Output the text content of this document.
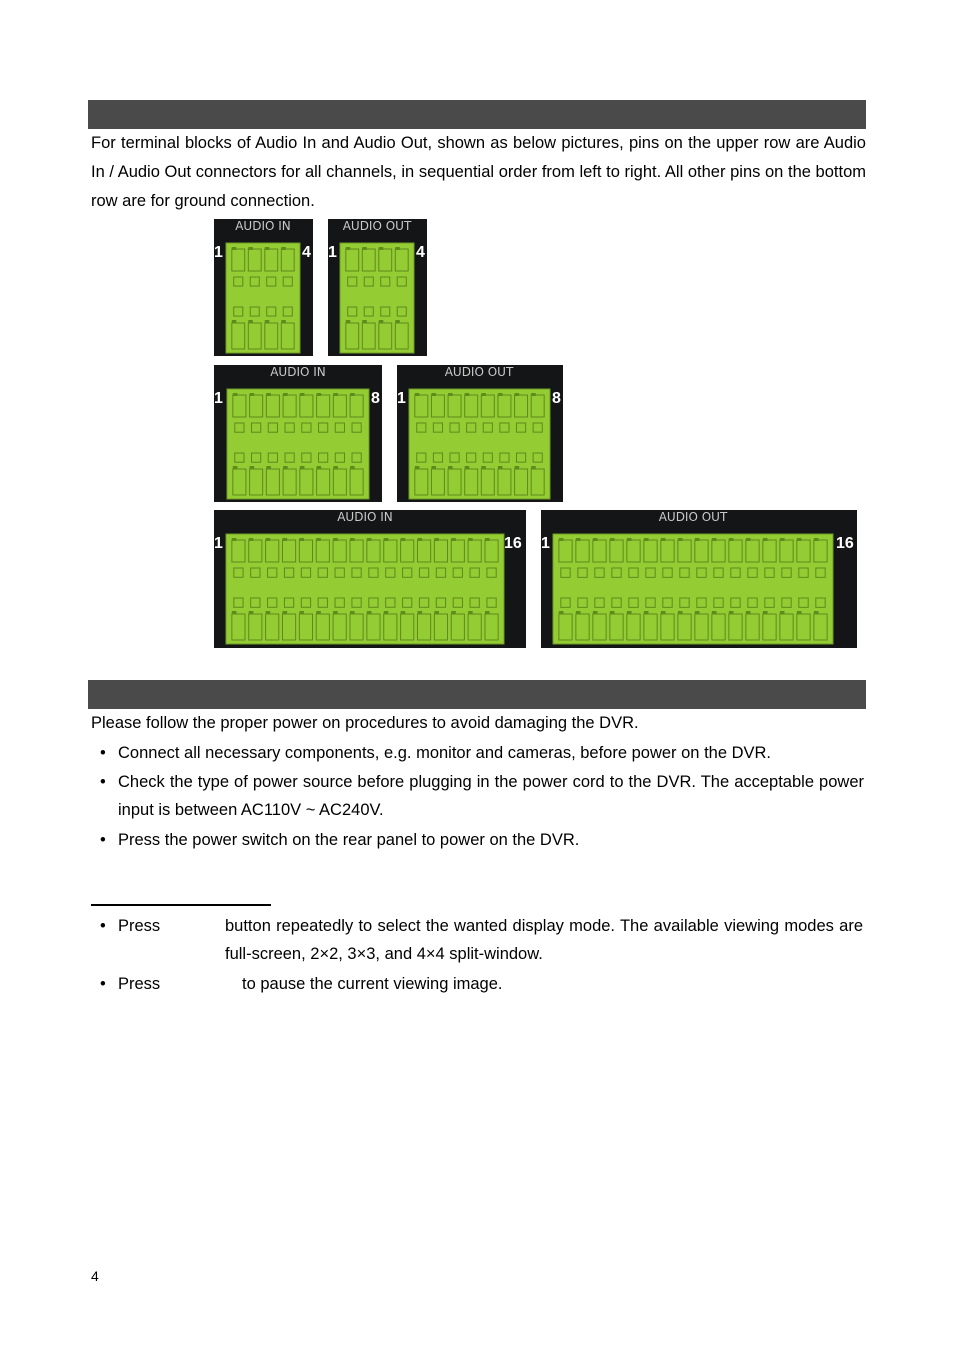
For terminal blocks of Audio In and Audio Out, shown as below pictures, pins on the upper row are Audio In / Audio Out connectors for all channels, in sequential order from left to right. All other pins on the bottom row are for ground connection.
AUDIO IN
1	4
AUDIO OUT
1	4
AUDIO IN
1	8
AUDIO OUT
1	8
AUDIO IN
1	16
AUDIO OUT
1	16
Please follow the proper power on procedures to avoid damaging the DVR.
• Connect all necessary components, e.g. monitor and cameras, before power on the DVR.
• Check the type of power source before plugging in the power cord to the DVR. The acceptable power input is between AC110V ~ AC240V.
• Press the power switch on the rear panel to power on the DVR.
• Press	button repeatedly to select the wanted display mode. The available viewing modes are full-screen, 2×2, 3×3, and 4×4 split-window.
• Press	to pause the current viewing image.
4
